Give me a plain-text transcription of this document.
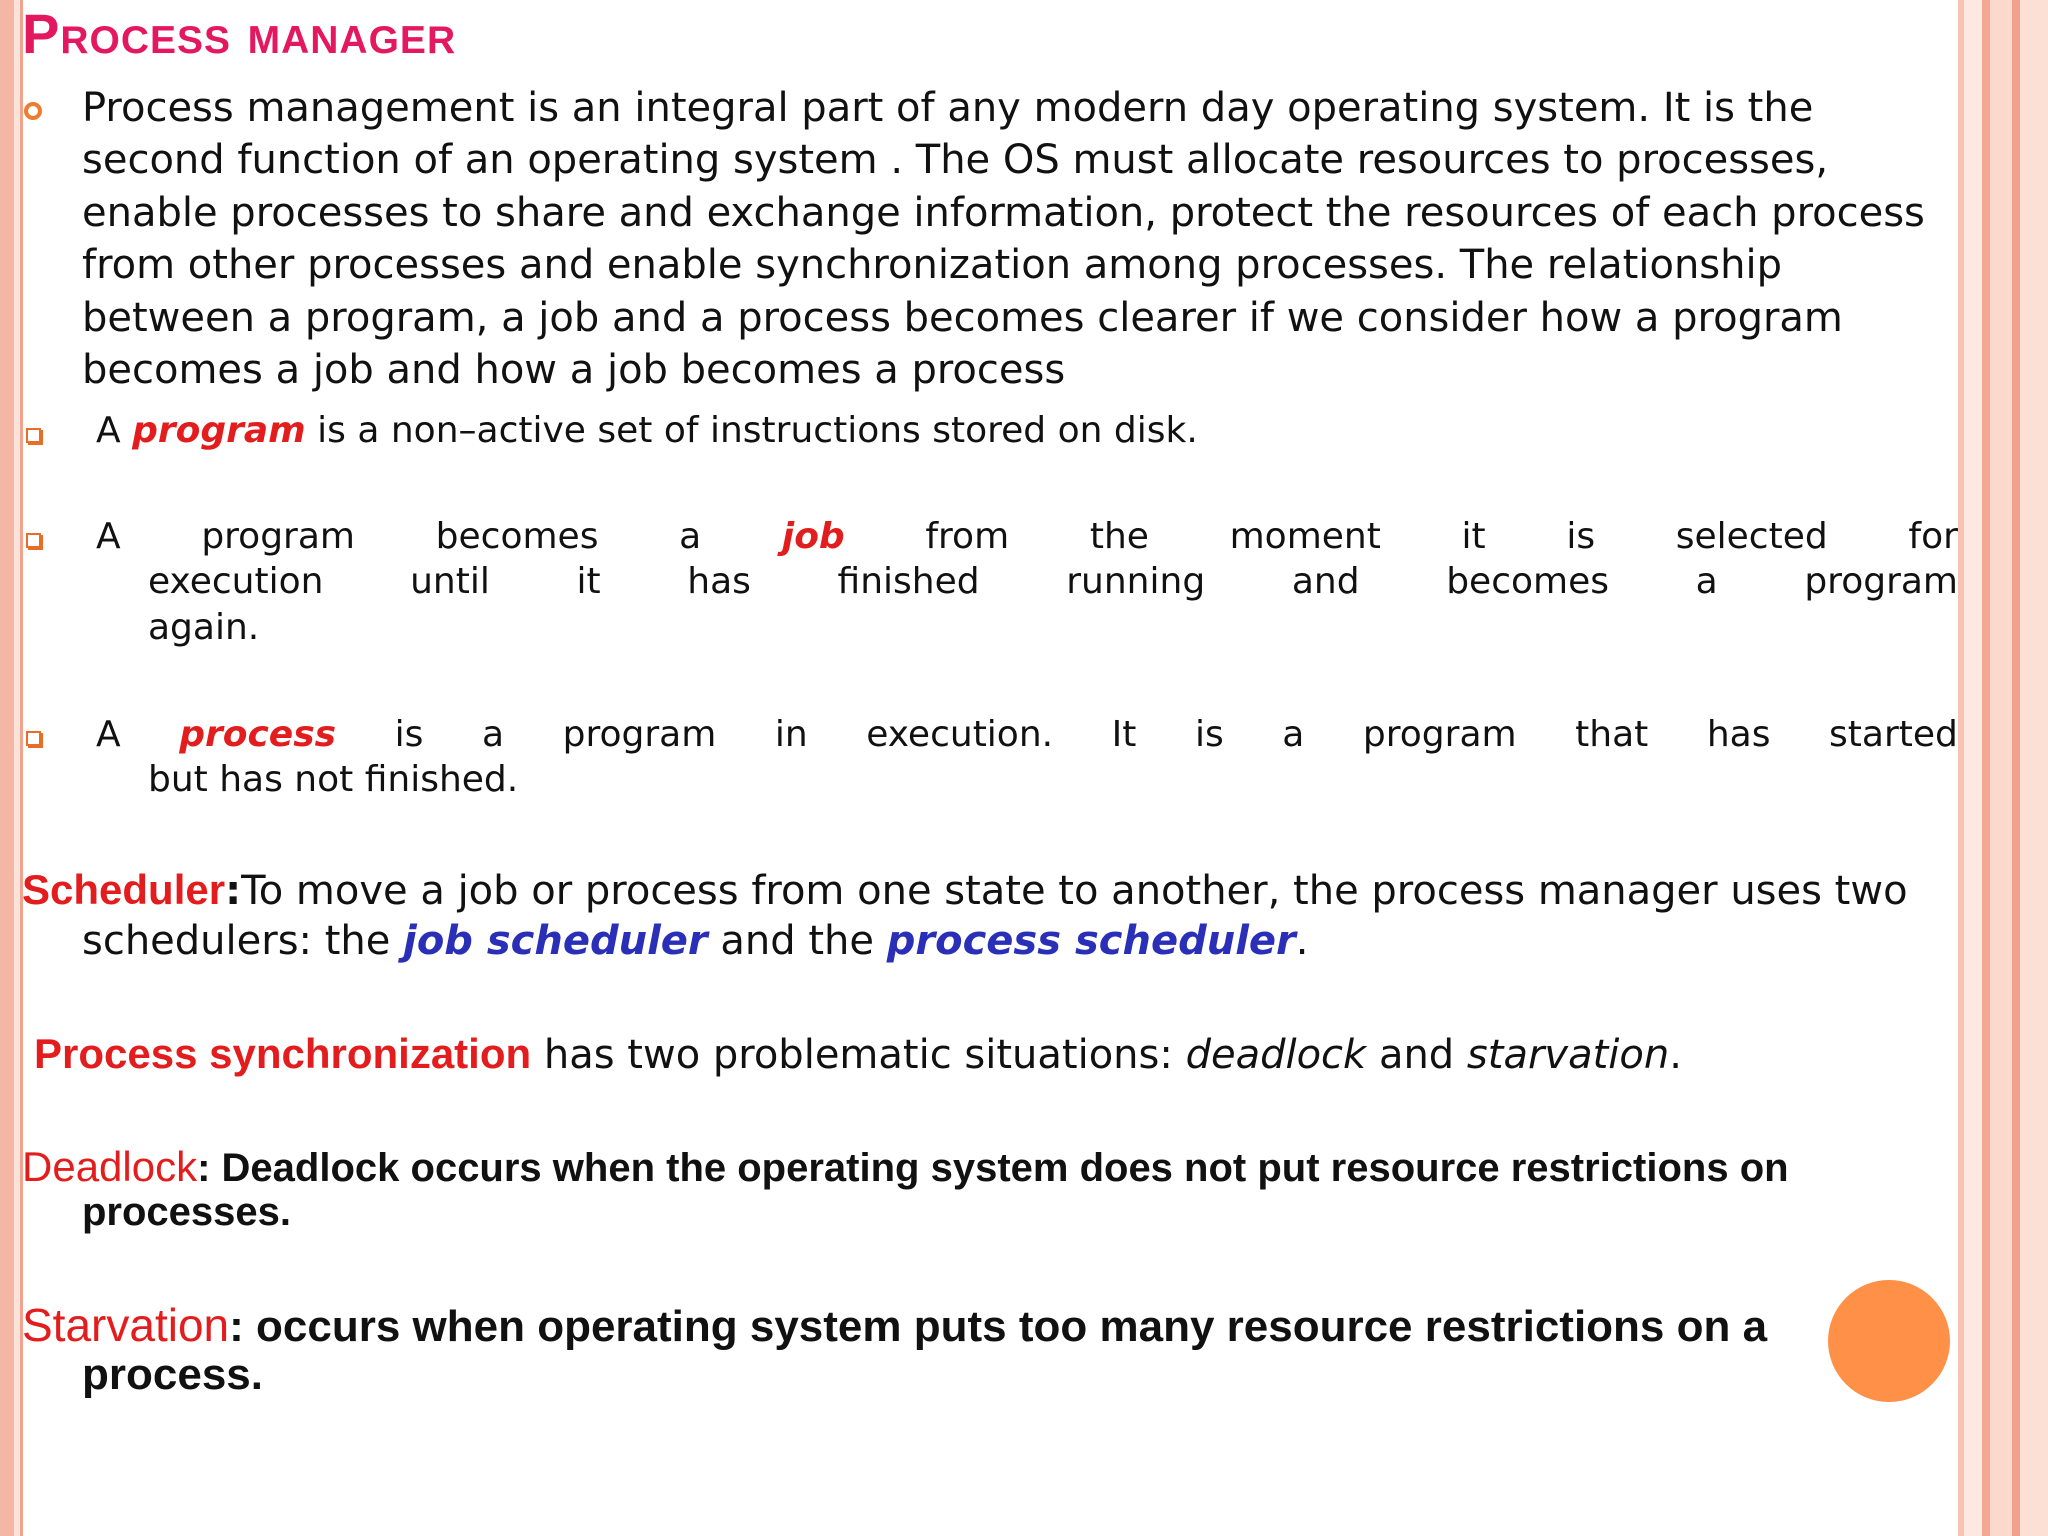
Process manager
Process management is an integral part of any modern day operating system. It is the second function of an operating system . The OS must allocate resources to processes, enable processes to share and exchange information, protect the resources of each process from other processes and enable synchronization among processes. The relationship between a program, a job and a process becomes clearer if we consider how a program becomes a job and how a job becomes a process
A program is a non–active set of instructions stored on disk.
A program becomes a job from the moment it is selected for
execution until it has finished running and becomes a program
again.
A process is a program in execution. It is a program that has started
but has not finished.
Scheduler:To move a job or process from one state to another, the process manager uses two
schedulers: the job scheduler and the process scheduler.
Process synchronization has two problematic situations: deadlock and starvation.
Deadlock: Deadlock occurs when the operating system does not put resource restrictions on
processes.
Starvation: occurs when operating system puts too many resource restrictions on a
process.
